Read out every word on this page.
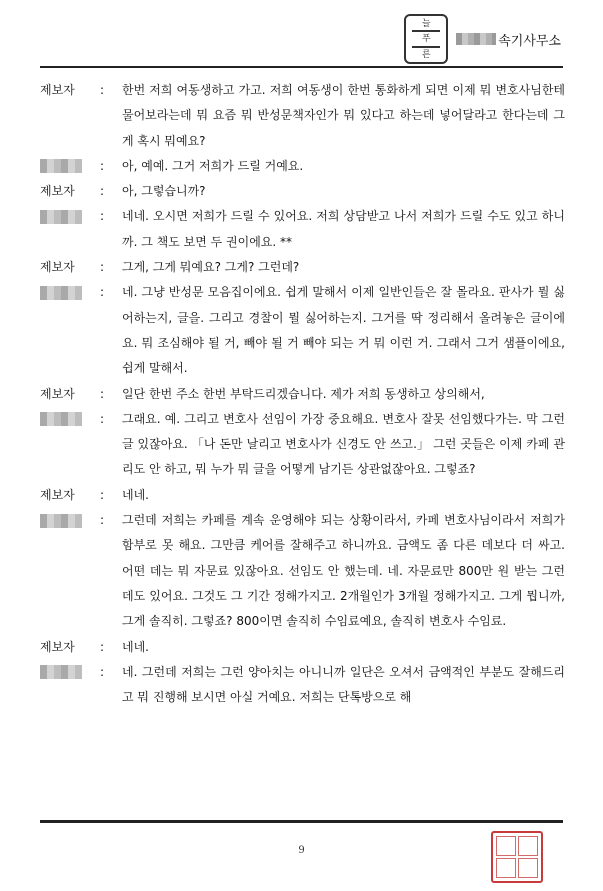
늘
푸
른
속기사무소
제보자	:	한번 저희 여동생하고 가고. 저희 여동생이 한번 통화하게 되면 이제 뭐 변호사님한테 물어보라는데 뭐 요즘 뭐 반성문책자인가 뭐 있다고 하는데 넣어달라고 한다는데 그게 혹시 뭐예요?
:	아, 예예. 그거 저희가 드릴 거예요.
제보자	:	아, 그렇습니까?
:	네네. 오시면 저희가 드릴 수 있어요. 저희 상담받고 나서 저희가 드릴 수도 있고 하니까. 그 책도 보면 두 권이에요. **
제보자	:	그게, 그게 뭐예요? 그게? 그런데?
:	네. 그냥 반성문 모음집이에요. 쉽게 말해서 이제 일반인들은 잘 몰라요. 판사가 뭘 싫어하는지, 글을. 그리고 경찰이 뭘 싫어하는지. 그거를 딱 정리해서 올려놓은 글이에요. 뭐 조심해야 될 거, 빼야 될 거 빼야 되는 거 뭐 이런 거. 그래서 그거 샘플이에요, 쉽게 말해서.
제보자	:	일단 한번 주소 한번 부탁드리겠습니다. 제가 저희 동생하고 상의해서,
:	그래요. 예. 그리고 변호사 선임이 가장 중요해요. 변호사 잘못 선임했다가는. 막 그런 글 있잖아요. 「나 돈만 날리고 변호사가 신경도 안 쓰고.」 그런 곳들은 이제 카페 관리도 안 하고, 뭐 누가 뭐 글을 어떻게 남기든 상관없잖아요. 그렇죠?
제보자	:	네네.
:	그런데 저희는 카페를 계속 운영해야 되는 상황이라서, 카페 변호사님이라서 저희가 함부로 못 해요. 그만큼 케어를 잘해주고 하니까요. 금액도 좀 다른 데보다 더 싸고. 어떤 데는 뭐 자문료 있잖아요. 선임도 안 했는데. 네. 자문료만 800만 원 받는 그런 데도 있어요. 그것도 그 기간 정해가지고. 2개월인가 3개월 정해가지고. 그게 뭡니까, 그게 솔직히. 그렇죠? 800이면 솔직히 수임료예요, 솔직히 변호사 수임료.
제보자	:	네네.
:	네. 그런데 저희는 그런 양아치는 아니니까 일단은 오셔서 금액적인 부분도 잘해드리고 뭐 진행해 보시면 아실 거예요. 저희는 단톡방으로 해
9
